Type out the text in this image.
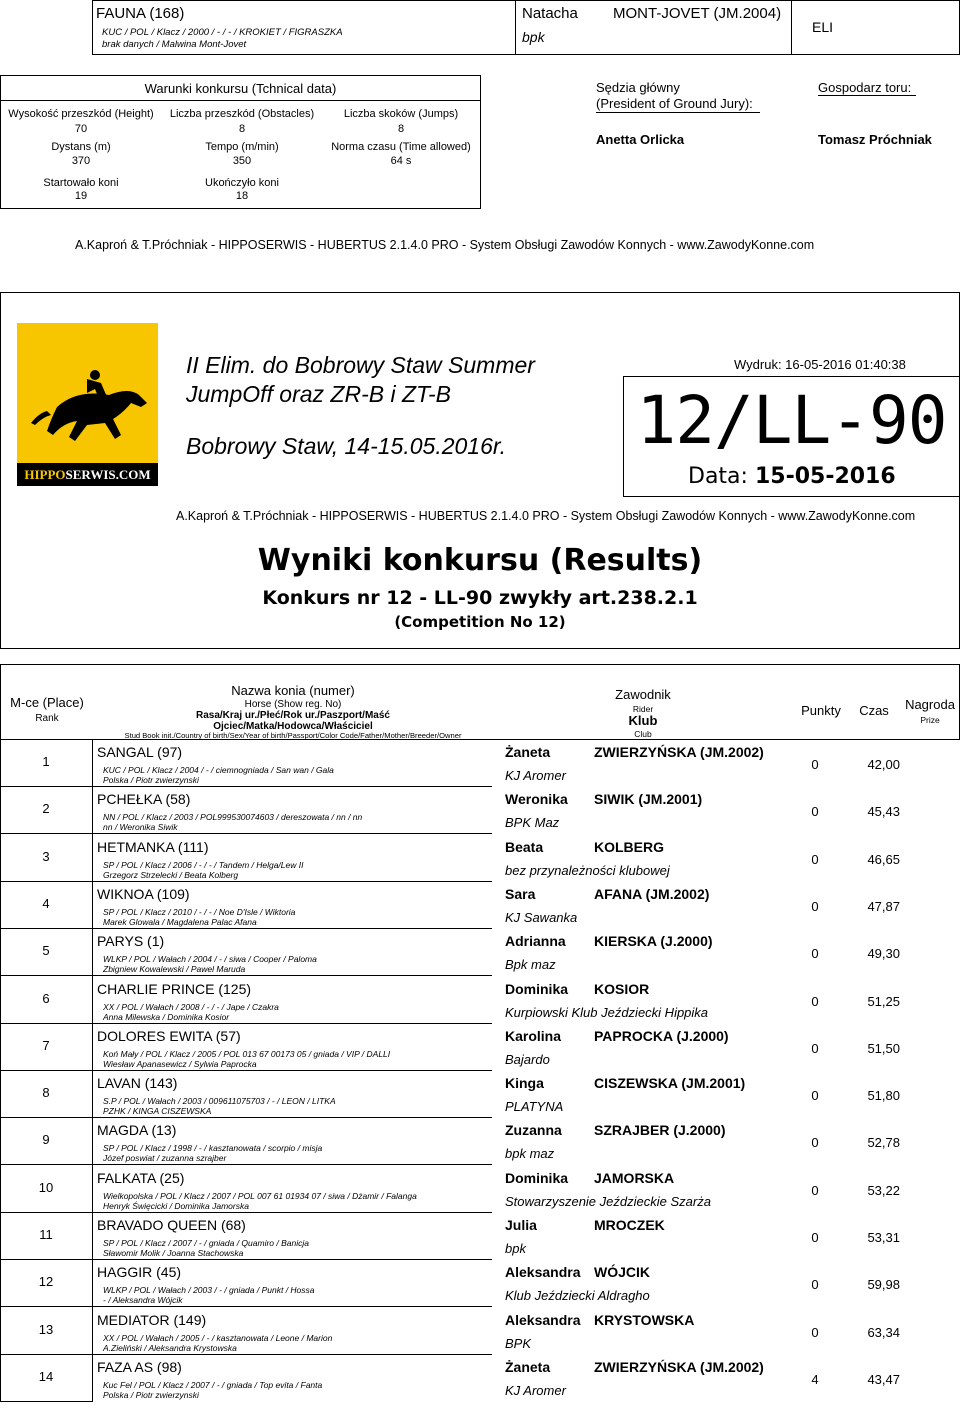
FAUNA (168)
KUC / POL / Klacz / 2000 / - / - / KROKIET / FIGRASZKA
brak danych / Malwina Mont-Jovet
Natacha MONT-JOVET (JM.2004)
bpk
ELI
Warunki konkursu (Tchnical data)
Wysokość przeszkód (Height)
70
Liczba przeszkód (Obstacles)
8
Liczba skoków (Jumps)
8
Dystans (m)
370
Tempo (m/min)
350
Norma czasu (Time allowed)
64 s
Startowało koni
19
Ukończyło koni
18
Sędzia główny
(President of Ground Jury):
Anetta Orlicka
Gospodarz toru:
Tomasz Próchniak
A.Kaproń & T.Próchniak - HIPPOSERWIS - HUBERTUS 2.1.4.0 PRO - System Obsługi Zawodów Konnych - www.ZawodyKonne.com
HIPPOSERWIS.COM
II Elim. do Bobrowy Staw Summer
JumpOff oraz ZR-B i ZT-B
Bobrowy Staw, 14-15.05.2016r.
Wydruk: 16-05-2016 01:40:38
12/LL-90
Data: 15-05-2016
A.Kaproń & T.Próchniak - HIPPOSERWIS - HUBERTUS 2.1.4.0 PRO - System Obsługi Zawodów Konnych - www.ZawodyKonne.com
Wyniki konkursu (Results)
Konkurs nr 12 - LL-90 zwykły art.238.2.1
(Competition No 12)
M-ce (Place)
Rank
Nazwa konia (numer)
Horse (Show reg. No)
Rasa/Kraj ur./Płeć/Rok ur./Paszport/Maść
Ojciec/Matka/Hodowca/Właściciel
Stud Book init./Country of birth/Sex/Year of birth/Passport/Color Code/Father/Mother/Breeder/Owner
Zawodnik
Rider
Klub
Club
Punkty	Czas	Nagroda
Prize
1
SANGAL (97)
KUC / POL / Klacz / 2004 / - / ciemnogniada / San wan / Gala
Polska / Piotr zwierzynski
Żaneta	ZWIERZYŃSKA (JM.2002)
KJ Aromer
0	42,00
2
PCHEŁKA (58)
NN / POL / Klacz / 2003 / POL999530074603 / dereszowata / nn / nn
nn / Weronika Siwik
Weronika SIWIK (JM.2001)
BPK Maz
0	45,43
3
HETMANKA (111)
SP / POL / Klacz / 2006 / - / - / Tandem / Helga/Lew II
Grzegorz Strzelecki / Beata Kolberg
Beata	KOLBERG
bez przynależności klubowej
0	46,65
4
WIKNOA (109)
SP / POL / Klacz / 2010 / - / - / Noe D'Isle / Wiktoria
Marek Glowala / Magdalena Palac Afana
Sara	AFANA (JM.2002)
KJ Sawanka
0	47,87
5
PARYS (1)
WLKP / POL / Wałach / 2004 / - / siwa / Cooper / Paloma
Zbigniew Kowalewski / Pawel Maruda
Adrianna KIERSKA (J.2000)
Bpk maz
0	49,30
6
CHARLIE PRINCE (125)
XX / POL / Wałach / 2008 / - / - / Jape / Czakra
Anna Milewska / Dominika Kosior
Dominika KOSIOR
Kurpiowski Klub Jeździecki Hippika
0	51,25
7
DOLORES EWITA (57)
Koń Mały / POL / Klacz / 2005 / POL 013 67 00173 05 / gniada / VIP / DALLI
Wiesław Apanasewicz / Sylwia Paprocka
Karolina PAPROCKA (J.2000)
Bajardo
0	51,50
8
LAVAN (143)
S.P / POL / Wałach / 2003 / 009611075703 / - / LEON / LITKA
PZHK / KINGA CISZEWSKA
Kinga	CISZEWSKA (JM.2001)
PLATYNA
0	51,80
9
MAGDA (13)
SP / POL / Klacz / 1998 / - / kasztanowata / scorpio / misja
Józef poswiat / zuzanna szrajber
Zuzanna SZRAJBER (J.2000)
bpk maz
0	52,78
10
FALKATA (25)
Wielkopolska / POL / Klacz / 2007 / POL 007 61 01934 07 / siwa / Dżamir / Falanga
Henryk Święcicki / Dominika Jamorska
Dominika JAMORSKA
Stowarzyszenie Jeździeckie Szarża
0	53,22
11
BRAVADO QUEEN (68)
SP / POL / Klacz / 2007 / - / gniada / Quamiro / Banicja
Sławomir Molik / Joanna Stachowska
Julia	MROCZEK
bpk
0	53,31
12
HAGGIR (45)
WLKP / POL / Wałach / 2003 / - / gniada / Punkt / Hossa
- / Aleksandra Wójcik
Aleksandra WÓJCIK
Klub Jeździecki Aldragho
0	59,98
13
MEDIATOR (149)
XX / POL / Wałach / 2005 / - / kasztanowata / Leone / Marion
A.Zieliński / Aleksandra Krystowska
Aleksandra KRYSTOWSKA
BPK
0	63,34
14
FAZA AS (98)
Kuc Fel / POL / Klacz / 2007 / - / gniada / Top evita / Fanta
Polska / Piotr zwierzynski
Żaneta	ZWIERZYŃSKA (JM.2002)
KJ Aromer
4	43,47
